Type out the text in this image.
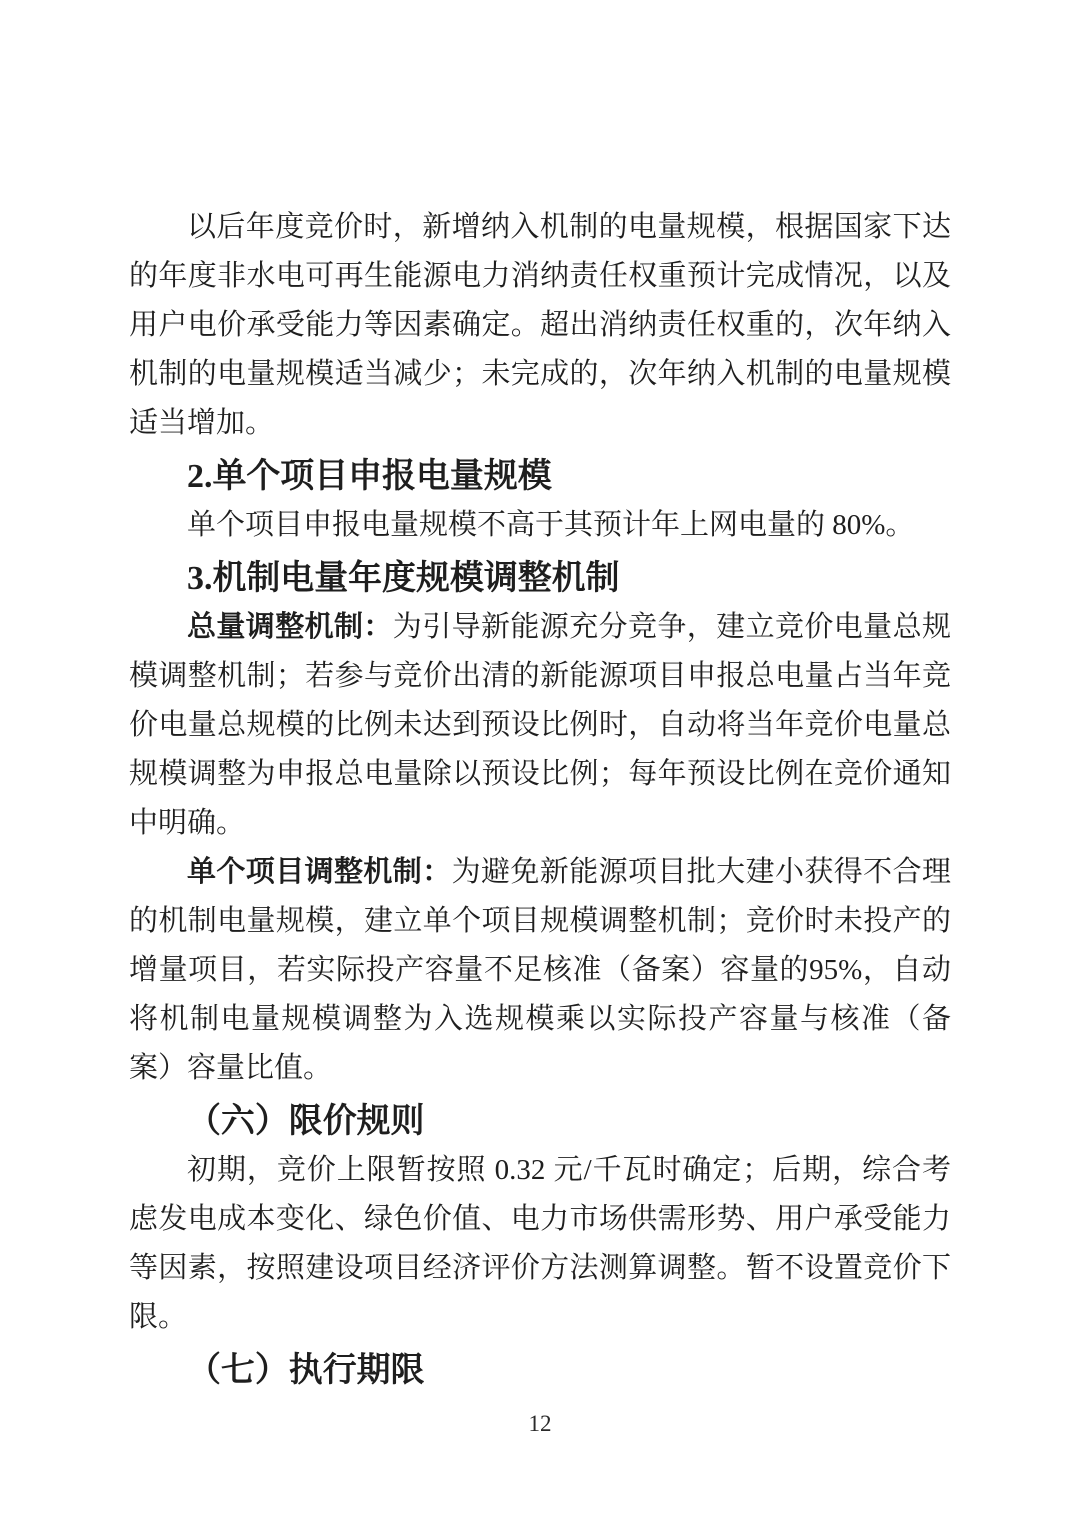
以后年度竞价时，新增纳入机制的电量规模，根据国家下达的年度非水电可再生能源电力消纳责任权重预计完成情况，以及用户电价承受能力等因素确定。超出消纳责任权重的，次年纳入机制的电量规模适当减少；未完成的，次年纳入机制的电量规模适当增加。

2.单个项目申报电量规模

单个项目申报电量规模不高于其预计年上网电量的 80%。

3.机制电量年度规模调整机制

总量调整机制：为引导新能源充分竞争，建立竞价电量总规模调整机制；若参与竞价出清的新能源项目申报总电量占当年竞价电量总规模的比例未达到预设比例时，自动将当年竞价电量总规模调整为申报总电量除以预设比例；每年预设比例在竞价通知中明确。

单个项目调整机制：为避免新能源项目批大建小获得不合理的机制电量规模，建立单个项目规模调整机制；竞价时未投产的增量项目，若实际投产容量不足核准（备案）容量的95%，自动将机制电量规模调整为入选规模乘以实际投产容量与核准（备案）容量比值。

（六）限价规则

初期，竞价上限暂按照 0.32 元/千瓦时确定；后期，综合考虑发电成本变化、绿色价值、电力市场供需形势、用户承受能力等因素，按照建设项目经济评价方法测算调整。暂不设置竞价下限。

（七）执行期限
12
